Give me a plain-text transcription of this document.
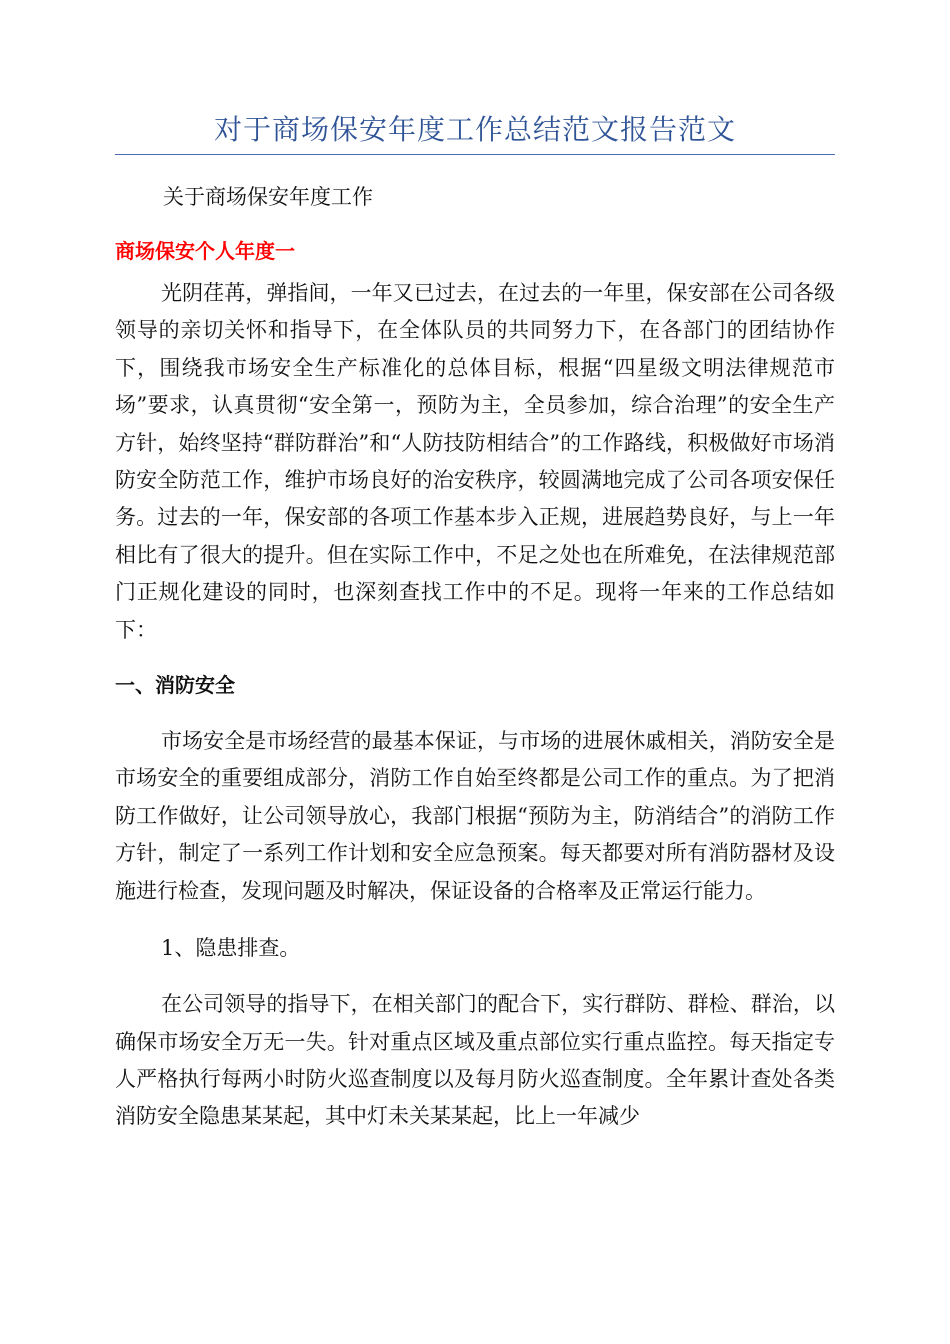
对于商场保安年度工作总结范文报告范文

关于商场保安年度工作

商场保安个人年度一

光阴荏苒，弹指间，一年又已过去，在过去的一年里，保安部在公司各级领导的亲切关怀和指导下，在全体队员的共同努力下，在各部门的团结协作下，围绕我市场安全生产标准化的总体目标，根据“四星级文明法律规范市场”要求，认真贯彻“安全第一，预防为主，全员参加，综合治理”的安全生产方针，始终坚持“群防群治”和“人防技防相结合”的工作路线，积极做好市场消防安全防范工作，维护市场良好的治安秩序，较圆满地完成了公司各项安保任务。过去的一年，保安部的各项工作基本步入正规，进展趋势良好，与上一年相比有了很大的提升。但在实际工作中，不足之处也在所难免，在法律规范部门正规化建设的同时，也深刻查找工作中的不足。现将一年来的工作总结如下：

一、消防安全

市场安全是市场经营的最基本保证，与市场的进展休戚相关，消防安全是市场安全的重要组成部分，消防工作自始至终都是公司工作的重点。为了把消防工作做好，让公司领导放心，我部门根据“预防为主，防消结合”的消防工作方针，制定了一系列工作计划和安全应急预案。每天都要对所有消防器材及设施进行检查，发现问题及时解决，保证设备的合格率及正常运行能力。

1、隐患排查。

在公司领导的指导下，在相关部门的配合下，实行群防、群检、群治，以确保市场安全万无一失。针对重点区域及重点部位实行重点监控。每天指定专人严格执行每两小时防火巡查制度以及每月防火巡查制度。全年累计查处各类消防安全隐患某某起，其中灯未关某某起，比上一年减少
